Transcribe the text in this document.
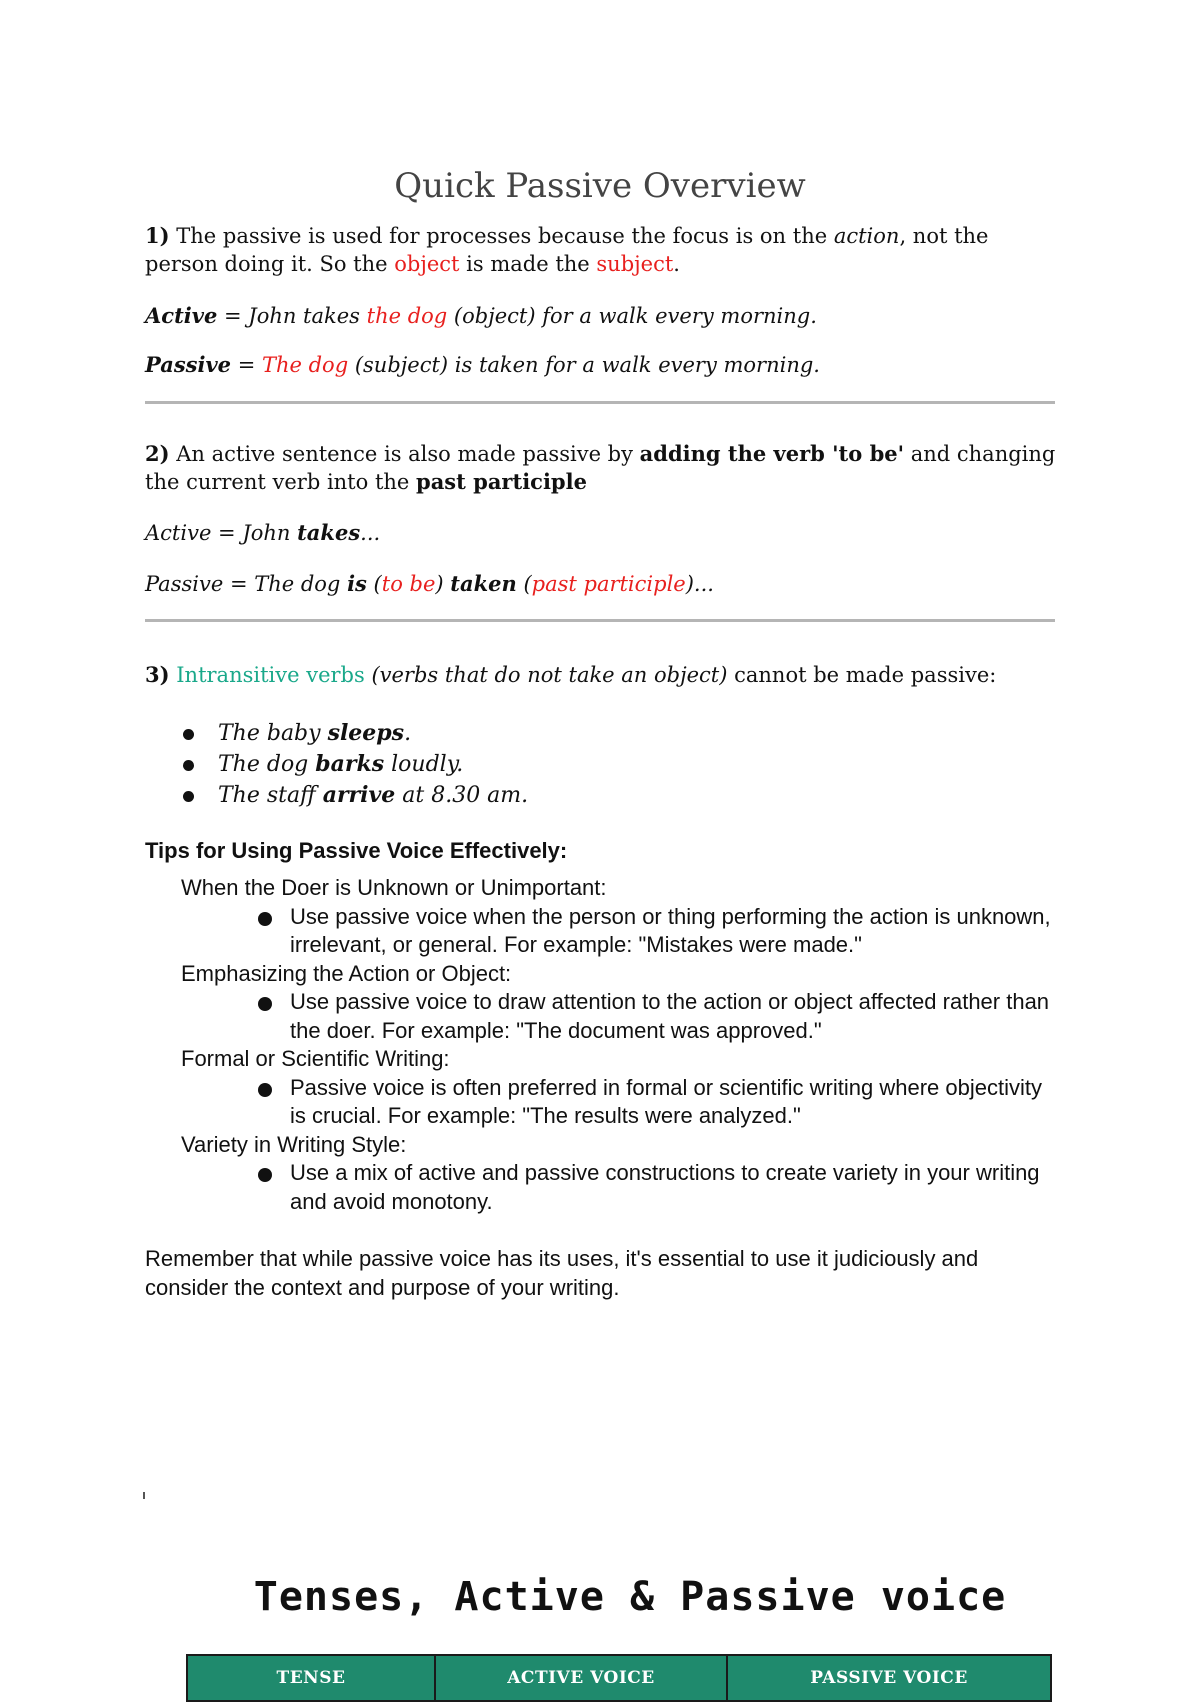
Quick Passive Overview

1) The passive is used for processes because the focus is on the action, not the person doing it. So the object is made the subject.

Active = John takes the dog (object) for a walk every morning.

Passive = The dog (subject) is taken for a walk every morning.

2) An active sentence is also made passive by adding the verb 'to be' and changing the current verb into the past participle

Active = John takes...

Passive = The dog is (to be) taken (past participle)...

3) Intransitive verbs (verbs that do not take an object) cannot be made passive:

The baby sleeps.
The dog barks loudly.
The staff arrive at 8.30 am.
Tips for Using Passive Voice Effectively:

When the Doer is Unknown or Unimportant:

Use passive voice when the person or thing performing the action is unknown, irrelevant, or general. For example: "Mistakes were made."

Emphasizing the Action or Object:

Use passive voice to draw attention to the action or object affected rather than the doer. For example: "The document was approved."

Formal or Scientific Writing:

Passive voice is often preferred in formal or scientific writing where objectivity is crucial. For example: "The results were analyzed."

Variety in Writing Style:

Use a mix of active and passive constructions to create variety in your writing and avoid monotony.

Remember that while passive voice has its uses, it's essential to use it judiciously and consider the context and purpose of your writing.

Tenses, Active & Passive voice
TENSE	ACTIVE VOICE	PASSIVE VOICE
